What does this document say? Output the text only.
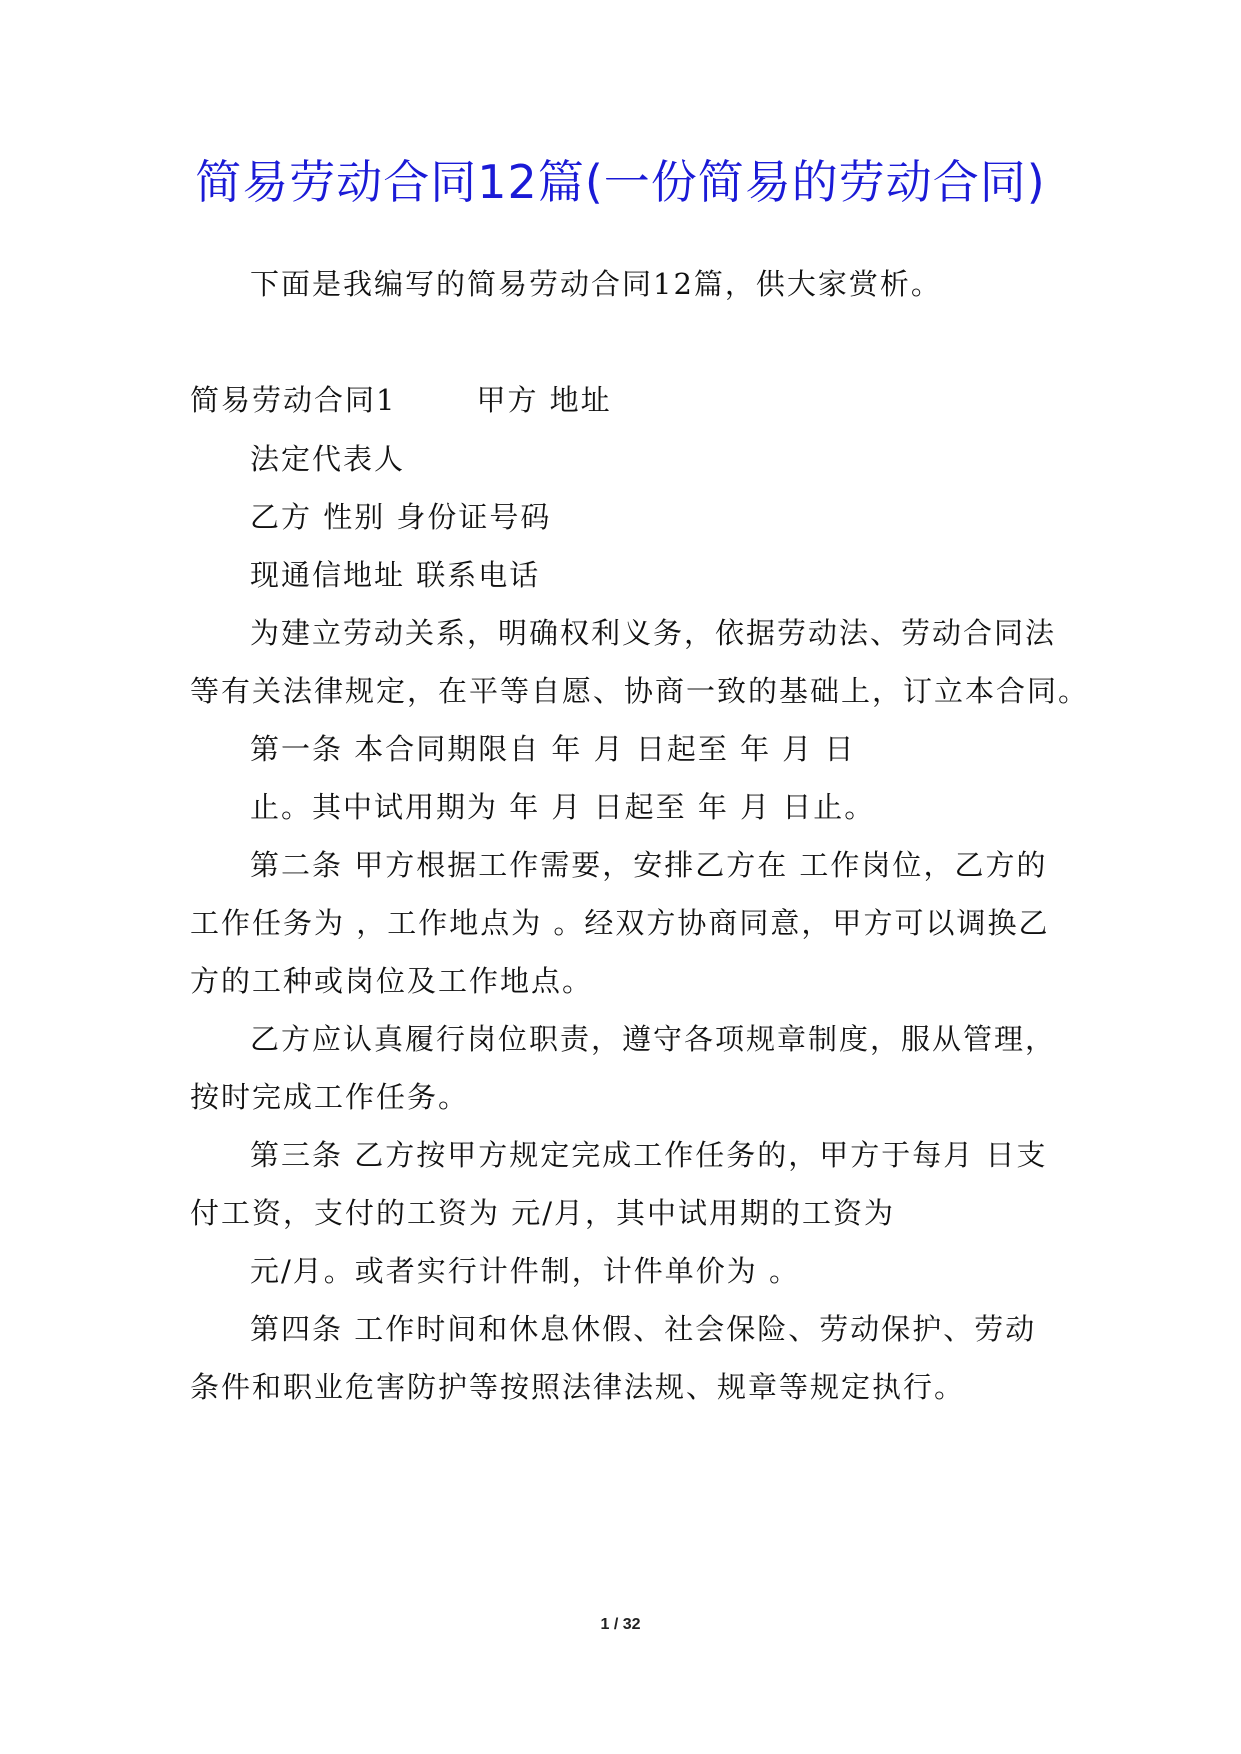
简易劳动合同12篇(一份简易的劳动合同)
下面是我编写的简易劳动合同12篇，供大家赏析。
简易劳动合同1	甲方 地址
法定代表人
乙方 性别 身份证号码
现通信地址 联系电话
为建立劳动关系，明确权利义务，依据劳动法、劳动合同法
等有关法律规定，在平等自愿、协商一致的基础上，订立本合同。
第一条 本合同期限自 年 月 日起至 年 月 日
止。其中试用期为 年 月 日起至 年 月 日止。
第二条 甲方根据工作需要，安排乙方在 工作岗位，乙方的
工作任务为 ，工作地点为 。经双方协商同意，甲方可以调换乙
方的工种或岗位及工作地点。
乙方应认真履行岗位职责，遵守各项规章制度，服从管理，
按时完成工作任务。
第三条 乙方按甲方规定完成工作任务的，甲方于每月 日支
付工资，支付的工资为 元/月，其中试用期的工资为
元/月。或者实行计件制，计件单价为 。
第四条 工作时间和休息休假、社会保险、劳动保护、劳动
条件和职业危害防护等按照法律法规、规章等规定执行。
1 / 32
